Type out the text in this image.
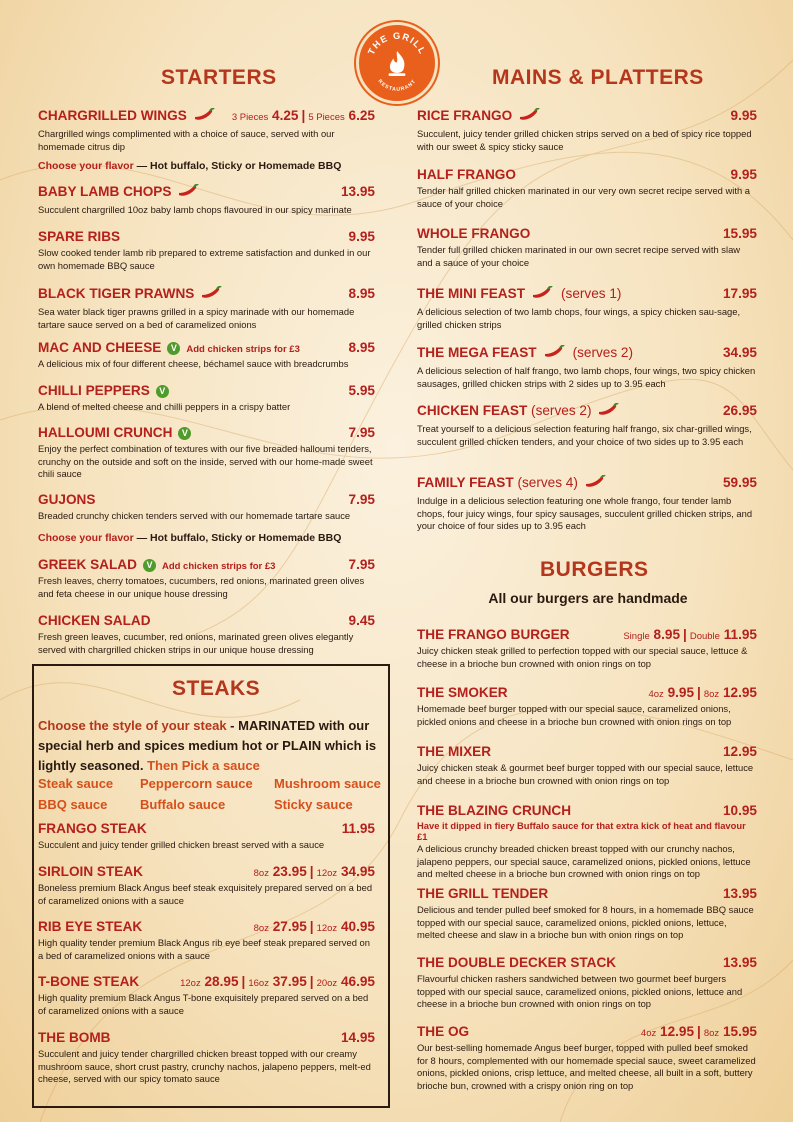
THE GRILL
RESTAURANT
STARTERS
CHARGRILLED WINGS	3 Pieces 4.25 | 5 Pieces 6.25
Chargrilled wings complimented with a choice of sauce, served with our homemade citrus dip
Choose your flavor — Hot buffalo, Sticky or Homemade BBQ
BABY LAMB CHOPS	13.95
Succulent chargrilled 10oz baby lamb chops flavoured in our spicy marinate
SPARE RIBS	9.95
Slow cooked tender lamb rib prepared to extreme satisfaction and dunked in our own homemade BBQ sauce
BLACK TIGER PRAWNS	8.95
Sea water black tiger prawns grilled in a spicy marinade with our homemade tartare sauce served on a bed of caramelized onions
MAC AND CHEESE V Add chicken strips for £3	8.95
A delicious mix of four different cheese, béchamel sauce with breadcrumbs
CHILLI PEPPERS V	5.95
A blend of melted cheese and chilli peppers in a crispy batter
HALLOUMI CRUNCH V	7.95
Enjoy the perfect combination of textures with our five breaded halloumi tenders, crunchy on the outside and soft on the inside, served with our home-made sweet chili sauce
GUJONS	7.95
Breaded crunchy chicken tenders served with our homemade tartare sauce
Choose your flavor — Hot buffalo, Sticky or Homemade BBQ
GREEK SALAD V Add chicken strips for £3	7.95
Fresh leaves, cherry tomatoes, cucumbers, red onions, marinated green olives and feta cheese in our unique house dressing
CHICKEN SALAD	9.45
Fresh green leaves, cucumber, red onions, marinated green olives elegantly served with chargrilled chicken strips in our unique house dressing
STEAKS
Choose the style of your steak - MARINATED with our special herb and spices medium hot or PLAIN which is lightly seasoned. Then Pick a sauce
Steak sauce Peppercorn sauce Mushroom sauce
BBQ sauce	Buffalo sauce	Sticky sauce
FRANGO STEAK	11.95
Succulent and juicy tender grilled chicken breast served with a sauce
SIRLOIN STEAK	8oz 23.95 | 12oz 34.95
Boneless premium Black Angus beef steak exquisitely prepared served on a bed of caramelized onions with a sauce
RIB EYE STEAK	8oz 27.95 | 12oz 40.95
High quality tender premium Black Angus rib eye beef steak prepared served on a bed of caramelized onions with a sauce
T-BONE STEAK	12oz 28.95 | 16oz 37.95 | 20oz 46.95
High quality premium Black Angus T-bone exquisitely prepared served on a bed of caramelized onions with a sauce
THE BOMB	14.95
Succulent and juicy tender chargrilled chicken breast topped with our creamy mushroom sauce, short crust pastry, crunchy nachos, jalapeno peppers, melt-ed cheese, served with our spicy tomato sauce
MAINS & PLATTERS
RICE FRANGO	9.95
Succulent, juicy tender grilled chicken strips served on a bed of spicy rice topped with our sweet & spicy sticky sauce
HALF FRANGO	9.95
Tender half grilled chicken marinated in our very own secret recipe served with a sauce of your choice
WHOLE FRANGO	15.95
Tender full grilled chicken marinated in our own secret recipe served with slaw and a sauce of your choice
THE MINI FEAST	(serves 1)	17.95
A delicious selection of two lamb chops, four wings, a spicy chicken sau-sage, grilled chicken strips
THE MEGA FEAST	(serves 2)	34.95
A delicious selection of half frango, two lamb chops, four wings, two spicy chicken sausages, grilled chicken strips with 2 sides up to 3.95 each
CHICKEN FEAST (serves 2)	26.95
Treat yourself to a delicious selection featuring half frango, six char-grilled wings, succulent grilled chicken tenders, and your choice of two sides up to 3.95 each
FAMILY FEAST (serves 4)	59.95
Indulge in a delicious selection featuring one whole frango, four tender lamb chops, four juicy wings, four spicy sausages, succulent grilled chicken strips, and your choice of four sides up to 3.95 each
BURGERS
All our burgers are handmade
THE FRANGO BURGER	Single 8.95 | Double 11.95
Juicy chicken steak grilled to perfection topped with our special sauce, lettuce & cheese in a brioche bun crowned with onion rings on top
THE SMOKER	4oz 9.95 | 8oz 12.95
Homemade beef burger topped with our special sauce, caramelized onions, pickled onions and cheese in a brioche bun crowned with onion rings on top
THE MIXER	12.95
Juicy chicken steak & gourmet beef burger topped with our special sauce, lettuce and cheese in a brioche bun crowned with onion rings on top
THE BLAZING CRUNCH	10.95
Have it dipped in fiery Buffalo sauce for that extra kick of heat and flavour £1
A delicious crunchy breaded chicken breast topped with our crunchy nachos, jalapeno peppers, our special sauce, caramelized onions, pickled onions, lettuce and melted cheese in a brioche bun crowned with onion rings on top
THE GRILL TENDER	13.95
Delicious and tender pulled beef smoked for 8 hours, in a homemade BBQ sauce topped with our special sauce, caramelized onions, pickled onions, lettuce, melted cheese and slaw in a brioche bun with onion rings on top
THE DOUBLE DECKER STACK	13.95
Flavourful chicken rashers sandwiched between two gourmet beef burgers topped with our special sauce, caramelized onions, pickled onions, lettuce and cheese in a brioche bun crowned with onion rings on top
THE OG	4oz 12.95 | 8oz 15.95
Our best-selling homemade Angus beef burger, topped with pulled beef smoked for 8 hours, complemented with our homemade special sauce, sweet caramelized onions, pickled onions, crisp lettuce, and melted cheese, all built in a soft, buttery brioche bun, crowned with a crispy onion ring on top
